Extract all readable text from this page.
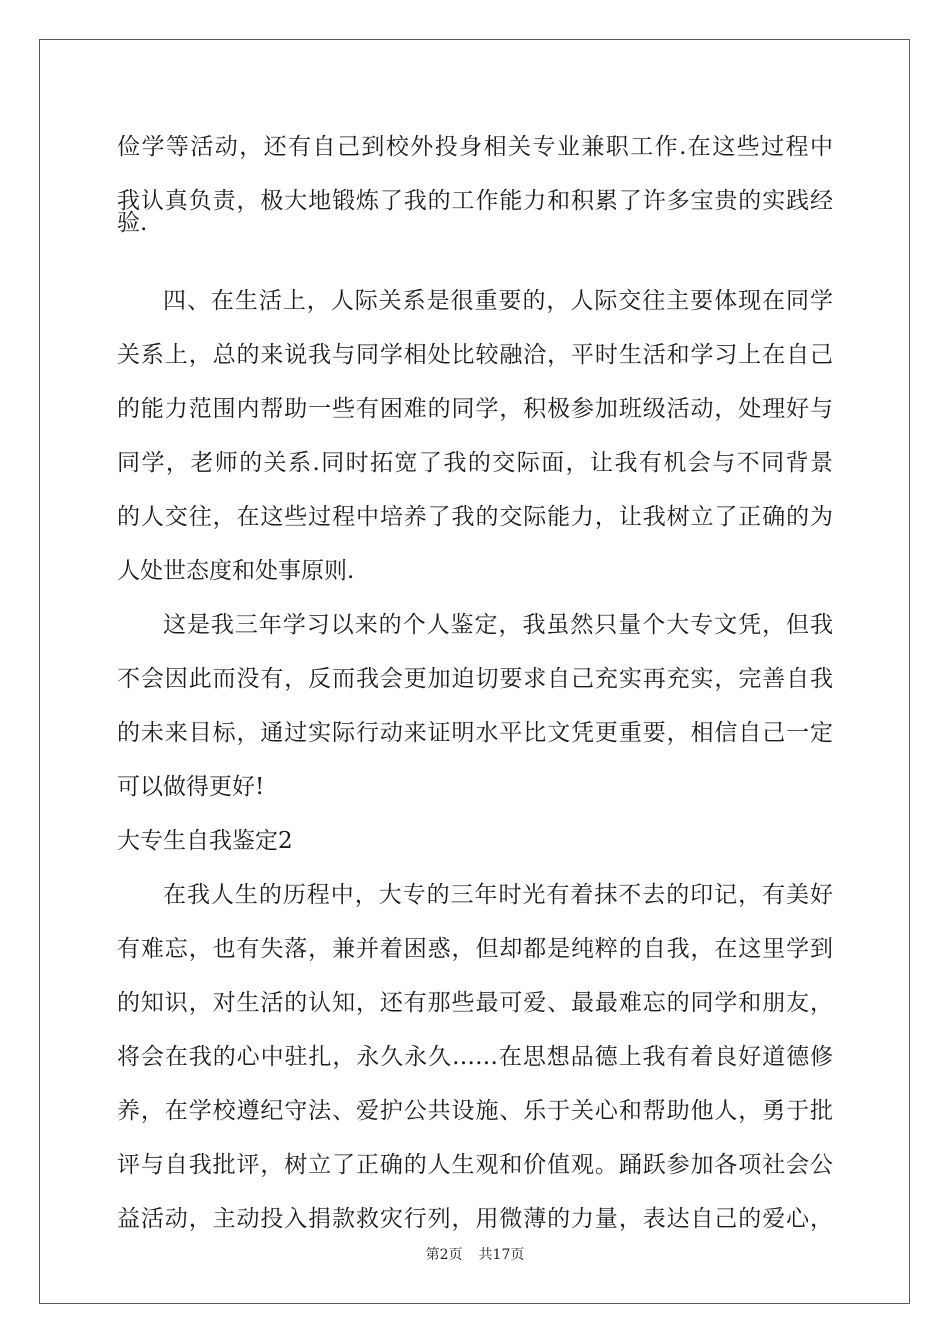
俭学等活动，还有自己到校外投身相关专业兼职工作.在这些过程中
我认真负责，极大地锻炼了我的工作能力和积累了许多宝贵的实践经
验.
四、在生活上，人际关系是很重要的，人际交往主要体现在同学
关系上，总的来说我与同学相处比较融洽，平时生活和学习上在自己
的能力范围内帮助一些有困难的同学，积极参加班级活动，处理好与
同学，老师的关系.同时拓宽了我的交际面，让我有机会与不同背景
的人交往，在这些过程中培养了我的交际能力，让我树立了正确的为
人处世态度和处事原则.
这是我三年学习以来的个人鉴定，我虽然只量个大专文凭，但我
不会因此而没有，反而我会更加迫切要求自己充实再充实，完善自我
的未来目标，通过实际行动来证明水平比文凭更重要，相信自己一定
可以做得更好!
大专生自我鉴定2
在我人生的历程中，大专的三年时光有着抹不去的印记，有美好
有难忘，也有失落，兼并着困惑，但却都是纯粹的自我，在这里学到
的知识，对生活的认知，还有那些最可爱、最最难忘的同学和朋友，
将会在我的心中驻扎，永久永久……在思想品德上我有着良好道德修
养，在学校遵纪守法、爱护公共设施、乐于关心和帮助他人，勇于批
评与自我批评，树立了正确的人生观和价值观。踊跃参加各项社会公
益活动，主动投入捐款救灾行列，用微薄的力量，表达自己的爱心，
第2页 共17页
